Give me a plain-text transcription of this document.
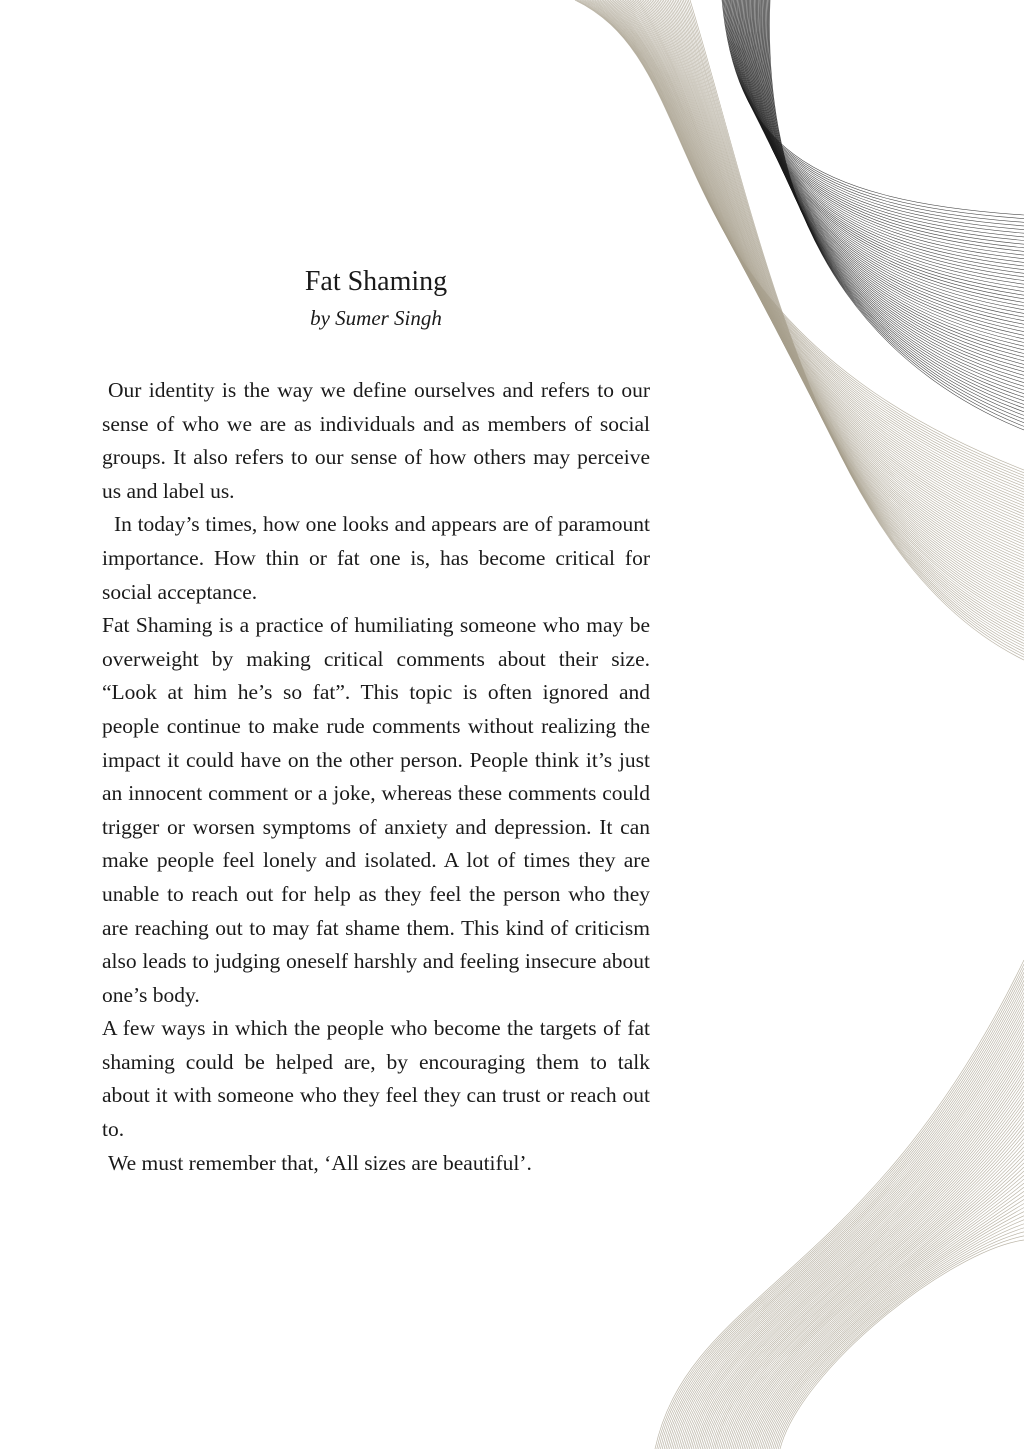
Fat Shaming
by Sumer Singh

Our identity is the way we define ourselves and refers to our sense of who we are as individuals and as members of social groups. It also refers to our sense of how others may perceive us and label us.

In today’s times, how one looks and appears are of paramount importance. How thin or fat one is, has become critical for social acceptance.

Fat Shaming is a practice of humiliating someone who may be overweight by making critical comments about their size. “Look at him he’s so fat”. This topic is often ignored and people continue to make rude comments without realizing the impact it could have on the other person. People think it’s just an innocent comment or a joke, whereas these comments could trigger or worsen symptoms of anxiety and depression. It can make people feel lonely and isolated. A lot of times they are unable to reach out for help as they feel the person who they are reaching out to may fat shame them. This kind of criticism also leads to judging oneself harshly and feeling insecure about one’s body.

A few ways in which the people who become the targets of fat shaming could be helped are, by encouraging them to talk about it with someone who they feel they can trust or reach out to.

We must remember that, ‘All sizes are beautiful’.
